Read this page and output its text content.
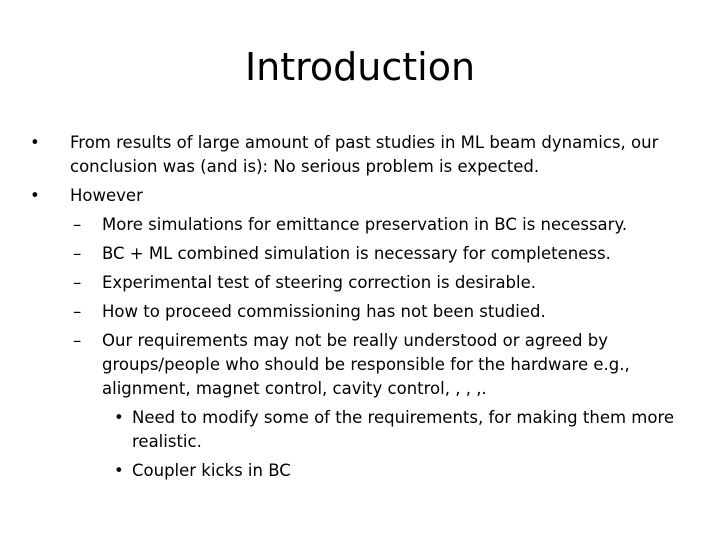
Introduction
• From results of large amount of past studies in ML beam dynamics, our
conclusion was (and is): No serious problem is expected.
• However
– More simulations for emittance preservation in BC is necessary.
– BC + ML combined simulation is necessary for completeness.
– Experimental test of steering correction is desirable.
– How to proceed commissioning has not been studied.
– Our requirements may not be really understood or agreed by
groups/people who should be responsible for the hardware e.g.,
alignment, magnet control, cavity control, , , ,.
• Need to modify some of the requirements, for making them more
realistic.
• Coupler kicks in BC
